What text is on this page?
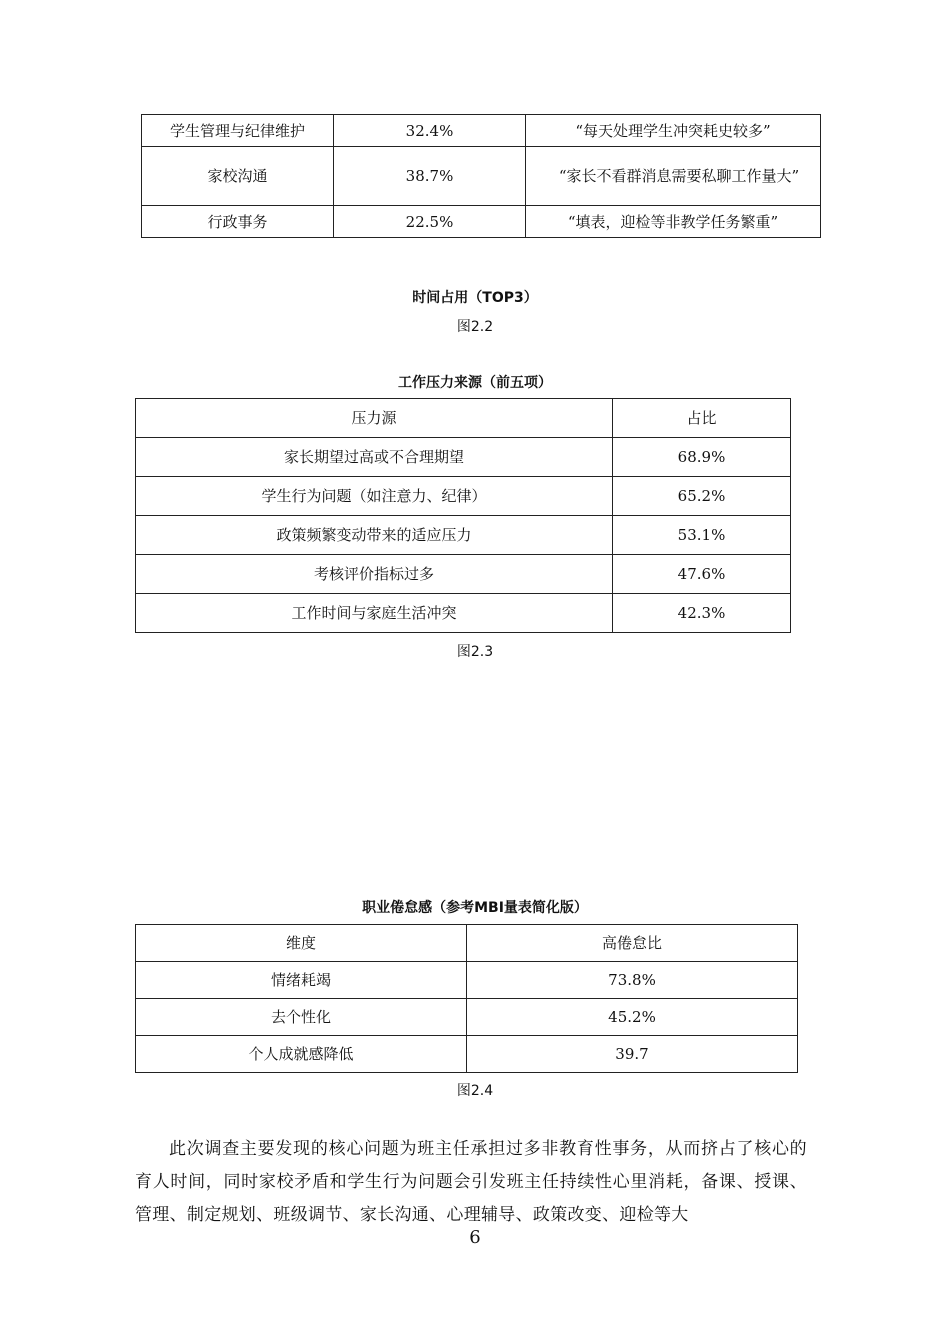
学生管理与纪律维护	32.4%	“每天处理学生冲突耗史较多”
家校沟通	38.7%	“家长不看群消息需要私聊工作量大”
行政事务	22.5%	“填表，迎检等非教学任务繁重”
时间占用（TOP3）
图2.2
工作压力来源（前五项）
压力源	占比
家长期望过高或不合理期望	68.9%
学生行为问题（如注意力、纪律）	65.2%
政策频繁变动带来的适应压力	53.1%
考核评价指标过多	47.6%
工作时间与家庭生活冲突	42.3%
图2.3
职业倦怠感（参考MBI量表简化版）
维度	高倦怠比
情绪耗竭	73.8%
去个性化	45.2%
个人成就感降低	39.7
图2.4
此次调查主要发现的核心问题为班主任承担过多非教育性事务，从而挤占了核心的育人时间，同时家校矛盾和学生行为问题会引发班主任持续性心里消耗，备课、授课、管理、制定规划、班级调节、家长沟通、心理辅导、政策改变、迎检等大
6
